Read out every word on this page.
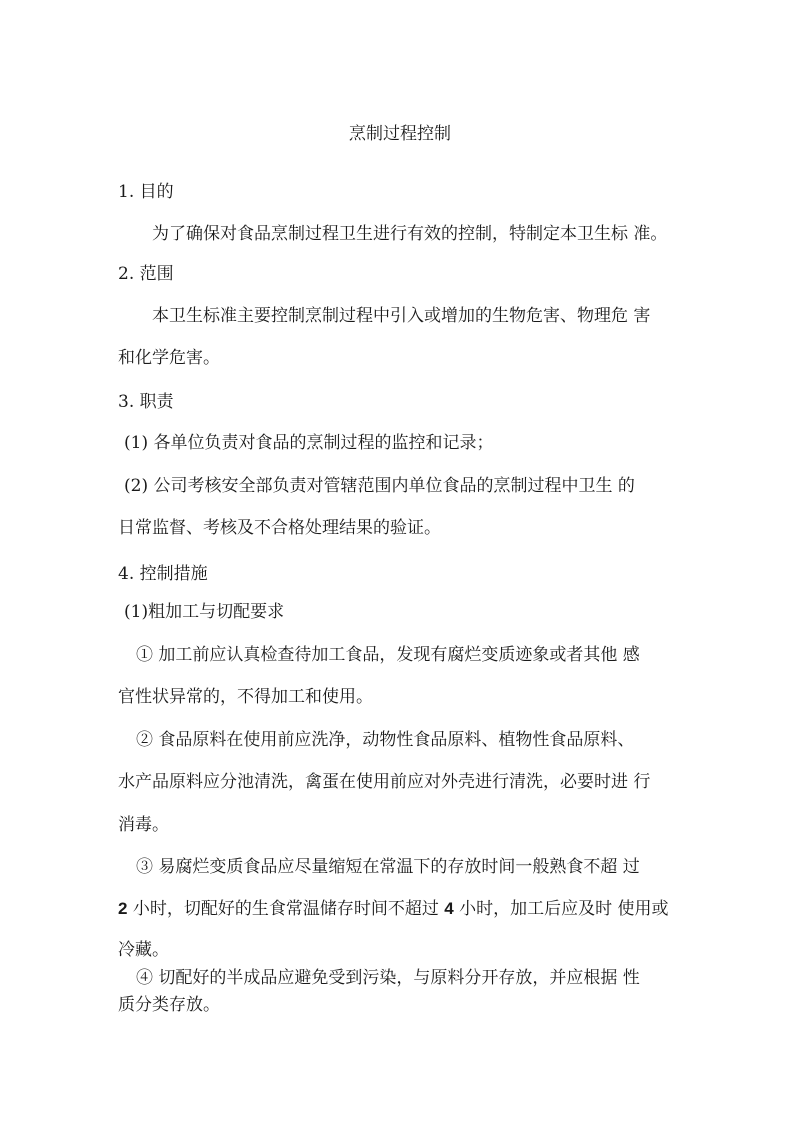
烹制过程控制
1. 目的
为了确保对食品烹制过程卫生进行有效的控制，特制定本卫生标 准。
2. 范围
本卫生标准主要控制烹制过程中引入或增加的生物危害、物理危 害
和化学危害。
3. 职责
(1) 各单位负责对食品的烹制过程的监控和记录；
(2) 公司考核安全部负责对管辖范围内单位食品的烹制过程中卫生 的
日常监督、考核及不合格处理结果的验证。
4. 控制措施
(1)粗加工与切配要求
① 加工前应认真检查待加工食品，发现有腐烂变质迹象或者其他 感
官性状异常的，不得加工和使用。
② 食品原料在使用前应洗净，动物性食品原料、植物性食品原料、
水产品原料应分池清洗，禽蛋在使用前应对外壳进行清洗，必要时进 行
消毒。
③ 易腐烂变质食品应尽量缩短在常温下的存放时间一般熟食不超 过
2 小时，切配好的生食常温储存时间不超过 4 小时，加工后应及时 使用或
冷藏。
④ 切配好的半成品应避免受到污染，与原料分开存放，并应根据 性
质分类存放。
